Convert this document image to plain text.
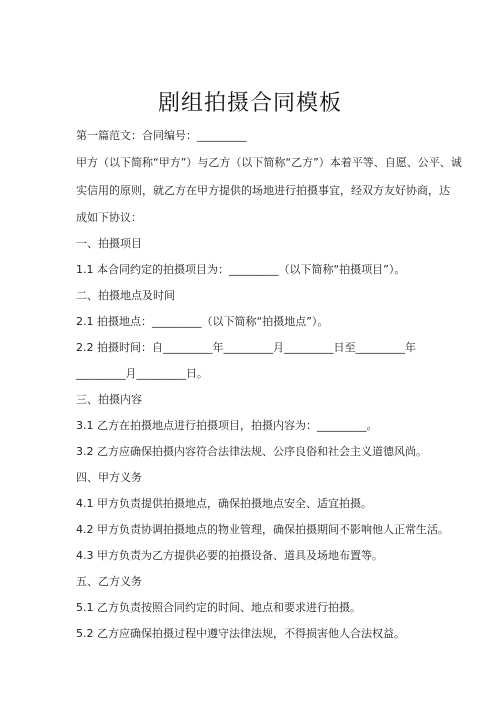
剧组拍摄合同模板
第一篇范文：合同编号：_________
甲方（以下简称“甲方”）与乙方（以下简称“乙方”）本着平等、自愿、公平、诚
实信用的原则，就乙方在甲方提供的场地进行拍摄事宜，经双方友好协商，达
成如下协议：
一、拍摄项目
1.1 本合同约定的拍摄项目为：_________（以下简称“拍摄项目”）。
二、拍摄地点及时间
2.1 拍摄地点：_________（以下简称“拍摄地点”）。
2.2 拍摄时间：自_________年_________月_________日至_________年
_________月_________日。
三、拍摄内容
3.1 乙方在拍摄地点进行拍摄项目，拍摄内容为：_________。
3.2 乙方应确保拍摄内容符合法律法规、公序良俗和社会主义道德风尚。
四、甲方义务
4.1 甲方负责提供拍摄地点，确保拍摄地点安全、适宜拍摄。
4.2 甲方负责协调拍摄地点的物业管理，确保拍摄期间不影响他人正常生活。
4.3 甲方负责为乙方提供必要的拍摄设备、道具及场地布置等。
五、乙方义务
5.1 乙方负责按照合同约定的时间、地点和要求进行拍摄。
5.2 乙方应确保拍摄过程中遵守法律法规，不得损害他人合法权益。
